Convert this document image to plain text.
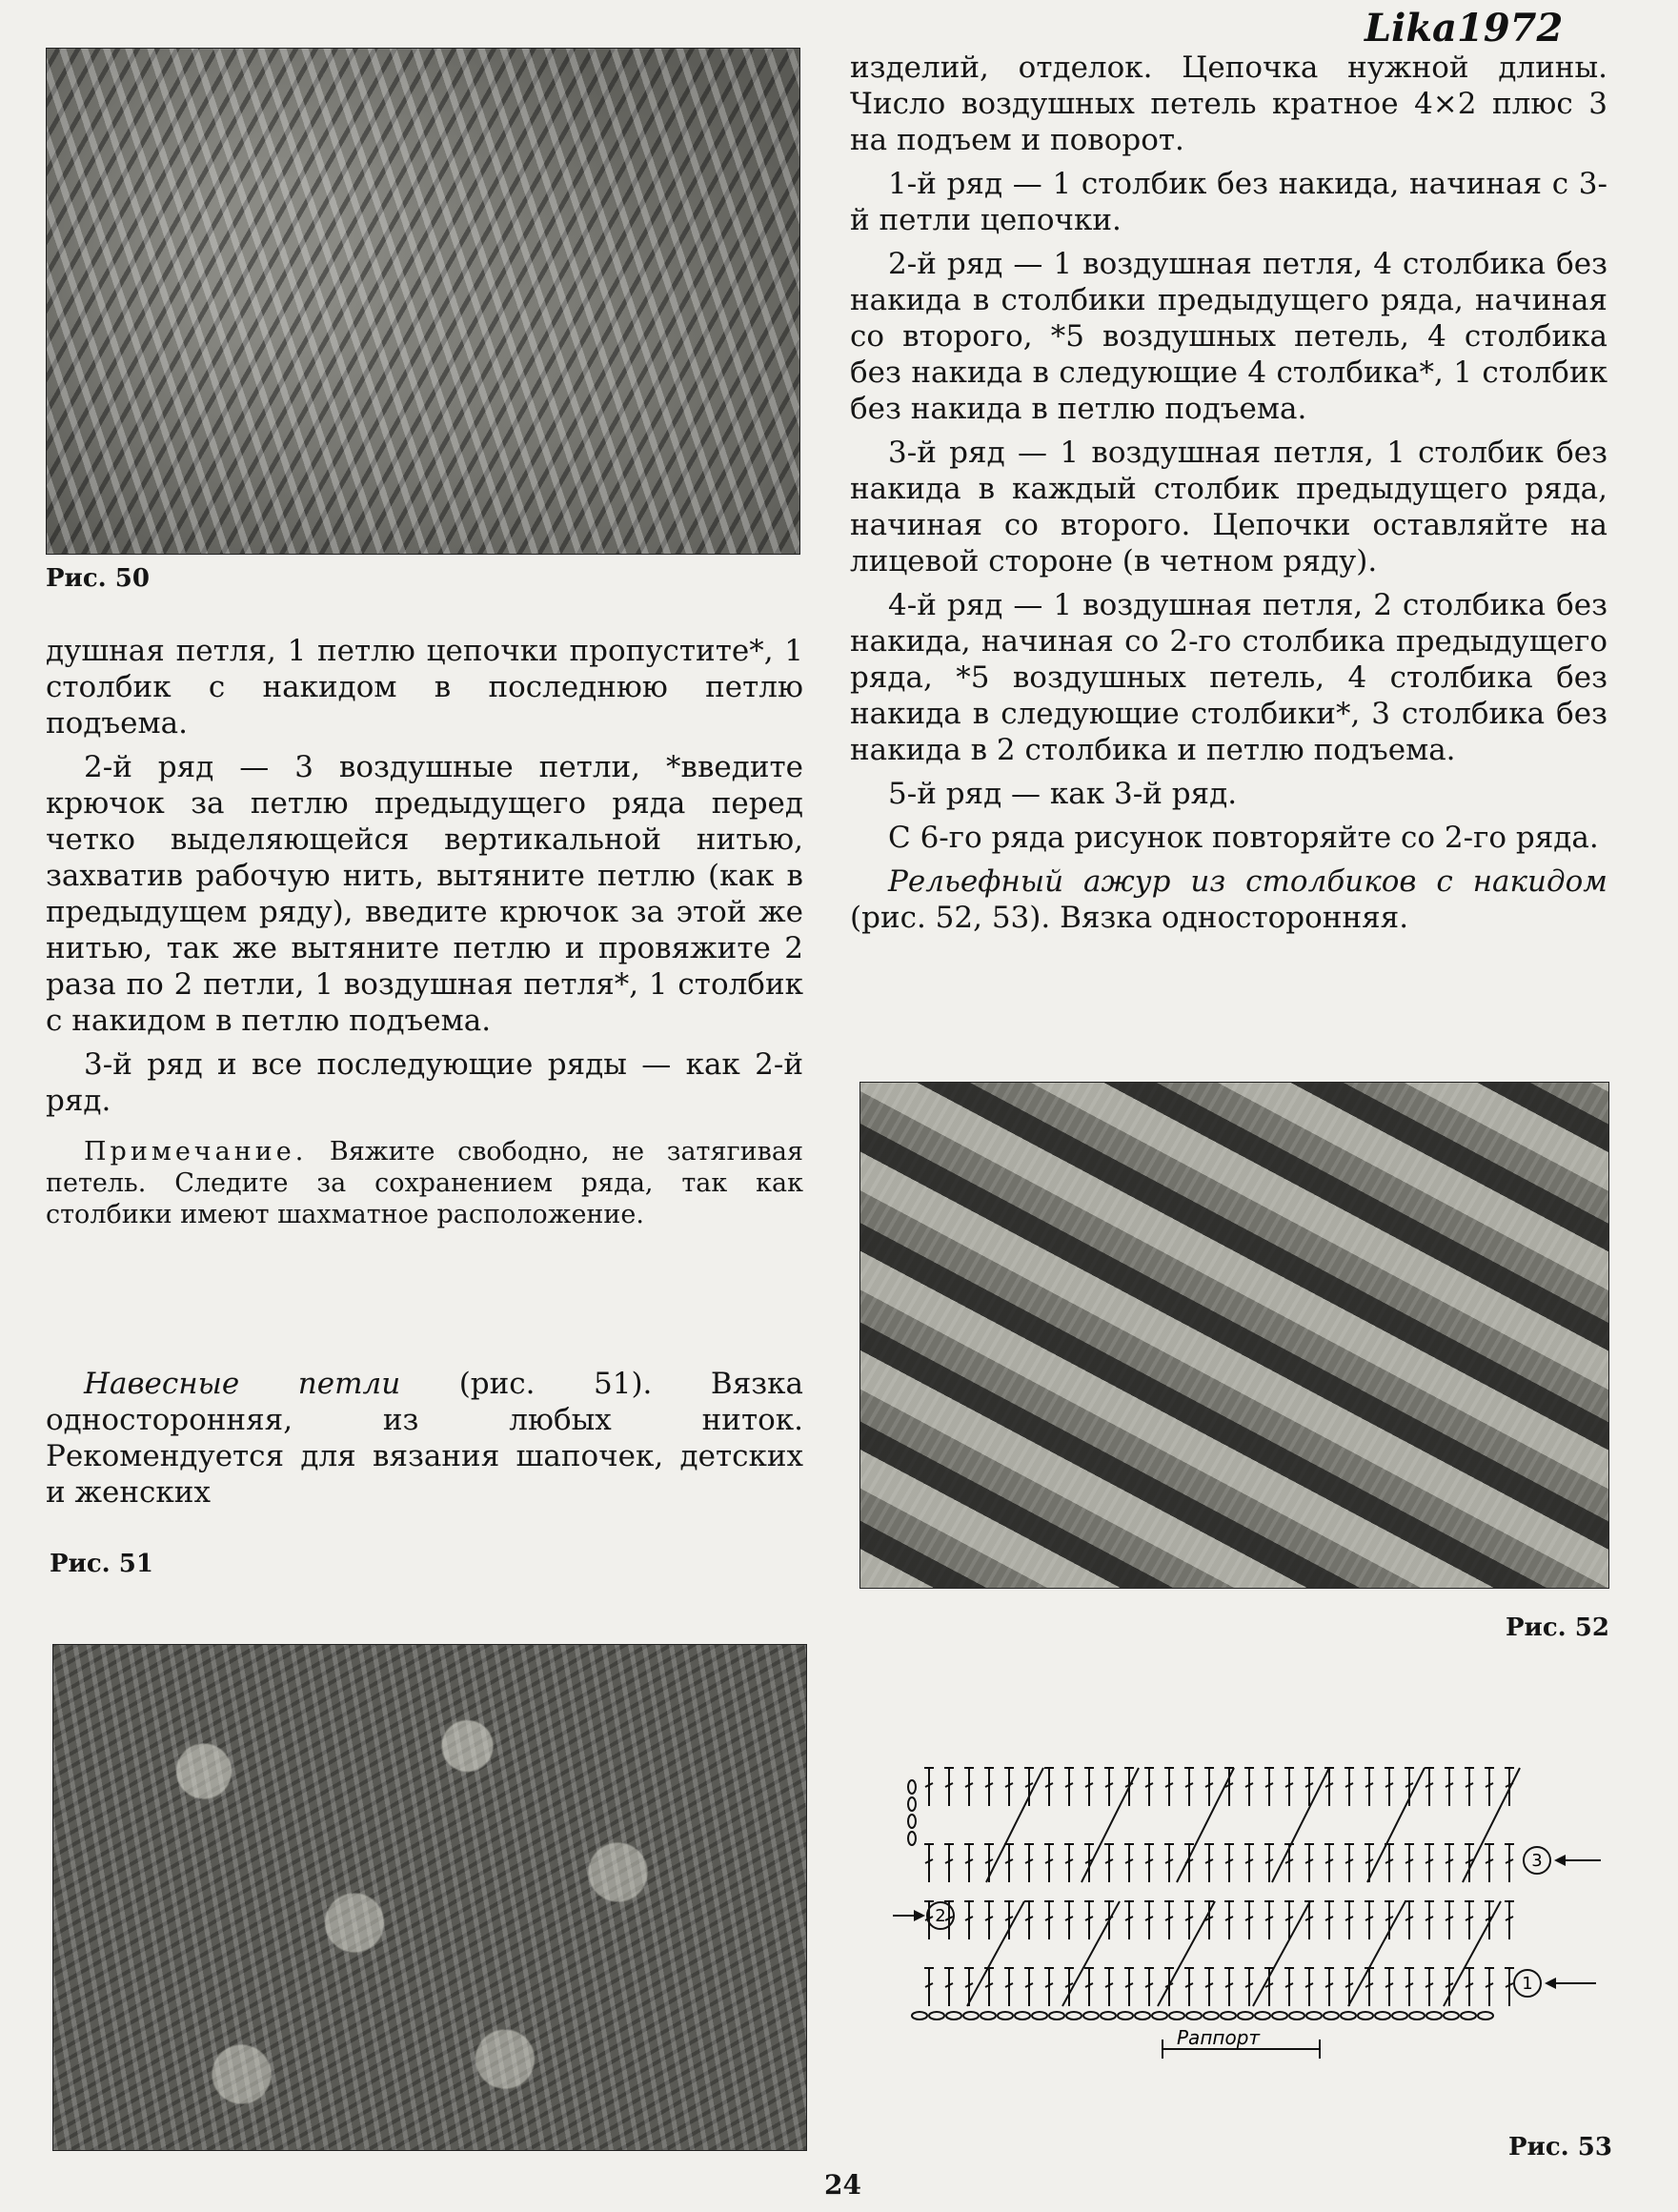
Lika1972
Рис. 50

душная петля, 1 петлю цепочки пропустите*, 1 столбик с накидом в последнюю петлю подъема.

2-й ряд — 3 воздушные петли, *введите крючок за петлю предыдущего ряда перед четко выделяющейся вертикальной нитью, захватив рабочую нить, вытяните петлю (как в предыдущем ряду), введите крючок за этой же нитью, так же вытяните петлю и провяжите 2 раза по 2 петли, 1 воздушная петля*, 1 столбик с накидом в петлю подъема.

3-й ряд и все последующие ряды — как 2-й ряд.

Примечание. Вяжите свободно, не затягивая петель. Следите за сохранением ряда, так как столбики имеют шахматное расположение.

Навесные петли (рис. 51). Вязка односторонняя, из любых ниток. Рекомендуется для вязания шапочек, детских и женских

Рис. 51

изделий, отделок. Цепочка нужной длины. Число воздушных петель кратное 4×2 плюс 3 на подъем и поворот.

1-й ряд — 1 столбик без накида, начиная с 3-й петли цепочки.

2-й ряд — 1 воздушная петля, 4 столбика без накида в столбики предыдущего ряда, начиная со второго, *5 воздушных петель, 4 столбика без накида в следующие 4 столбика*, 1 столбик без накида в петлю подъема.

3-й ряд — 1 воздушная петля, 1 столбик без накида в каждый столбик предыдущего ряда, начиная со второго. Цепочки оставляйте на лицевой стороне (в четном ряду).

4-й ряд — 1 воздушная петля, 2 столбика без накида, начиная со 2-го столбика предыдущего ряда, *5 воздушных петель, 4 столбика без накида в следующие столбики*, 3 столбика без накида в 2 столбика и петлю подъема.

5-й ряд — как 3-й ряд.

С 6-го ряда рисунок повторяйте со 2-го ряда.

Рельефный ажур из столбиков с накидом (рис. 52, 53). Вязка односторонняя.

Рис. 52
1
2
3
Раппорт
Рис. 53
24
